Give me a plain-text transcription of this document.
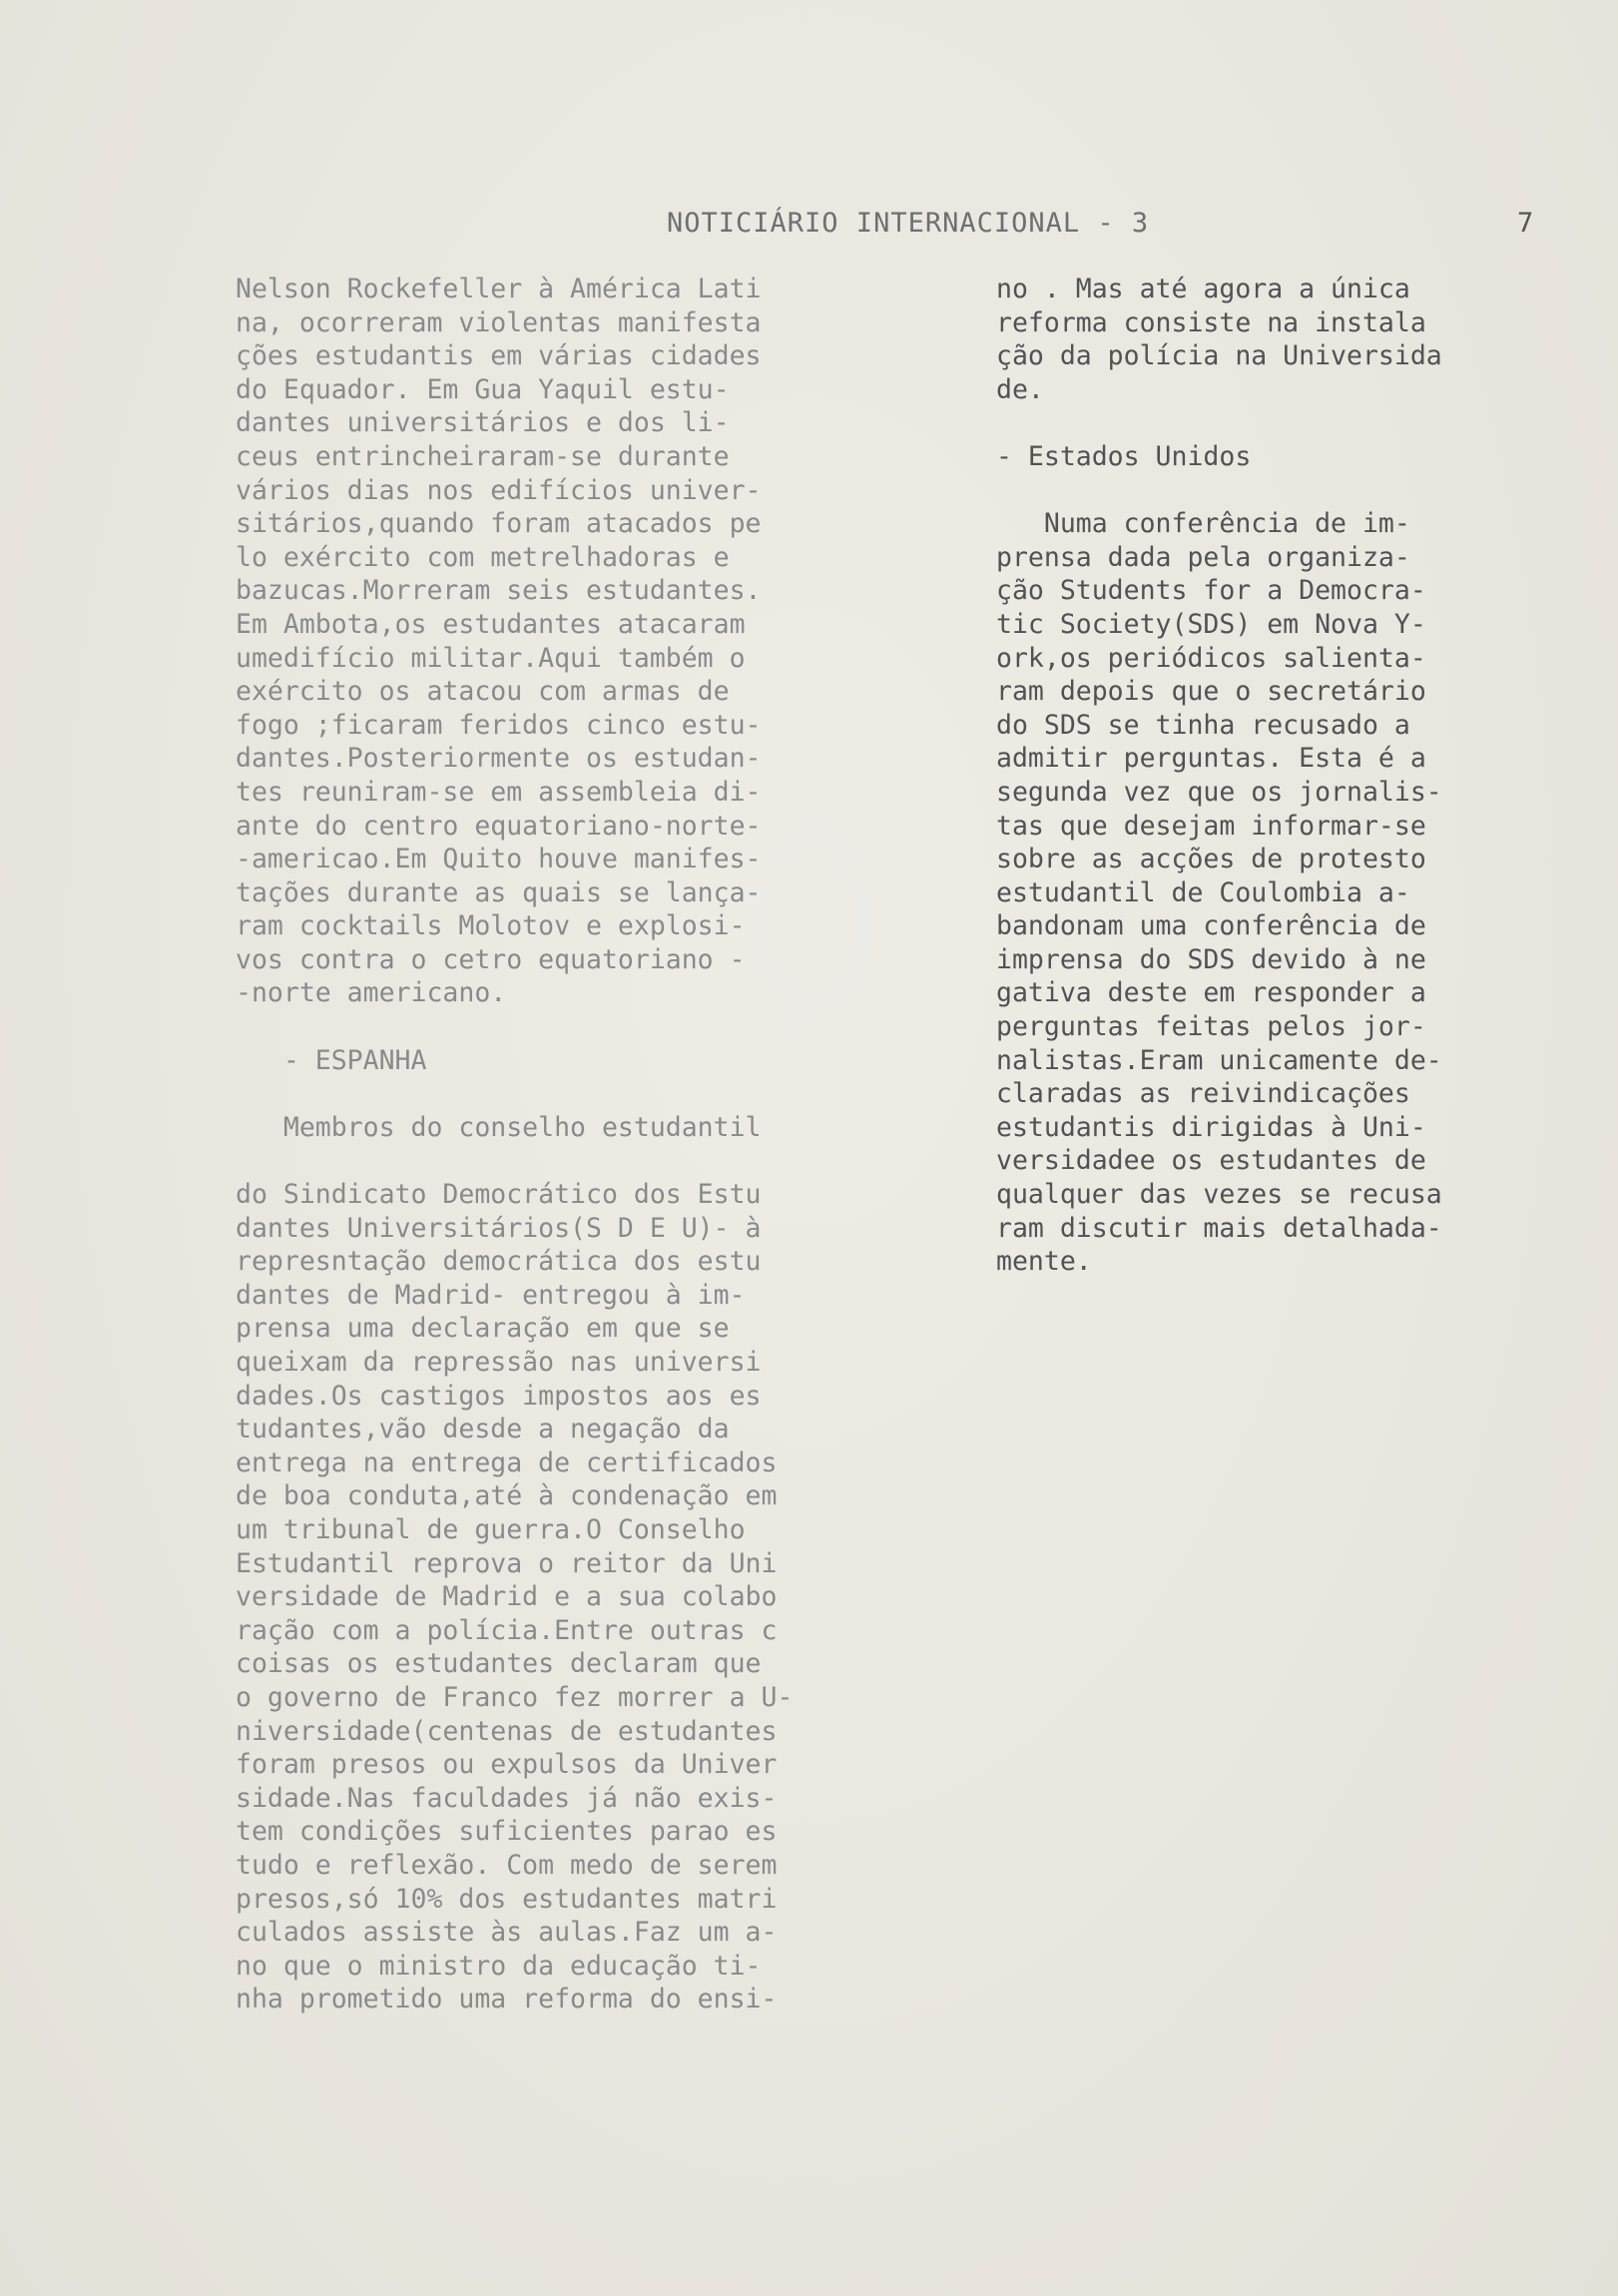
NOTICIÁRIO INTERNACIONAL - 3	7
Nelson Rockefeller à América Lati
na, ocorreram violentas manifesta
ções estudantis em várias cidades
do Equador. Em Gua Yaquil estu-
dantes universitários e dos li-
ceus entrincheiraram-se durante
vários dias nos edifícios univer-
sitários,quando foram atacados pe
lo exército com metrelhadoras e
bazucas.Morreram seis estudantes.
Em Ambota,os estudantes atacaram
umedifício militar.Aqui também o
exército os atacou com armas de
fogo ;ficaram feridos cinco estu-
dantes.Posteriormente os estudan-
tes reuniram-se em assembleia di-
ante do centro equatoriano-norte-
-americao.Em Quito houve manifes-
tações durante as quais se lança-
ram cocktails Molotov e explosi-
vos contra o cetro equatoriano -
-norte americano.
- ESPANHA
Membros do conselho estudantil
do Sindicato Democrático dos Estu
dantes Universitários(S D E U)- à
represntação democrática dos estu
dantes de Madrid- entregou à im-
prensa uma declaração em que se
queixam da repressão nas universi
dades.Os castigos impostos aos es
tudantes,vão desde a negação da
entrega na entrega de certificados
de boa conduta,até à condenação em
um tribunal de guerra.O Conselho
Estudantil reprova o reitor da Uni
versidade de Madrid e a sua colabo
ração com a polícia.Entre outras c
coisas os estudantes declaram que
o governo de Franco fez morrer a U-
niversidade(centenas de estudantes
foram presos ou expulsos da Univer
sidade.Nas faculdades já não exis-
tem condições suficientes parao es
tudo e reflexão. Com medo de serem
presos,só 10% dos estudantes matri
culados assiste às aulas.Faz um a-
no que o ministro da educação ti-
nha prometido uma reforma do ensi-
no . Mas até agora a única
reforma consiste na instala
ção da polícia na Universida
de.
- Estados Unidos
Numa conferência de im-
prensa dada pela organiza-
ção Students for a Democra-
tic Society(SDS) em Nova Y-
ork,os periódicos salienta-
ram depois que o secretário
do SDS se tinha recusado a
admitir perguntas. Esta é a
segunda vez que os jornalis-
tas que desejam informar-se
sobre as acções de protesto
estudantil de Coulombia a-
bandonam uma conferência de
imprensa do SDS devido à ne
gativa deste em responder a
perguntas feitas pelos jor-
nalistas.Eram unicamente de-
claradas as reivindicações
estudantis dirigidas à Uni-
versidadee os estudantes de
qualquer das vezes se recusa
ram discutir mais detalhada-
mente.
